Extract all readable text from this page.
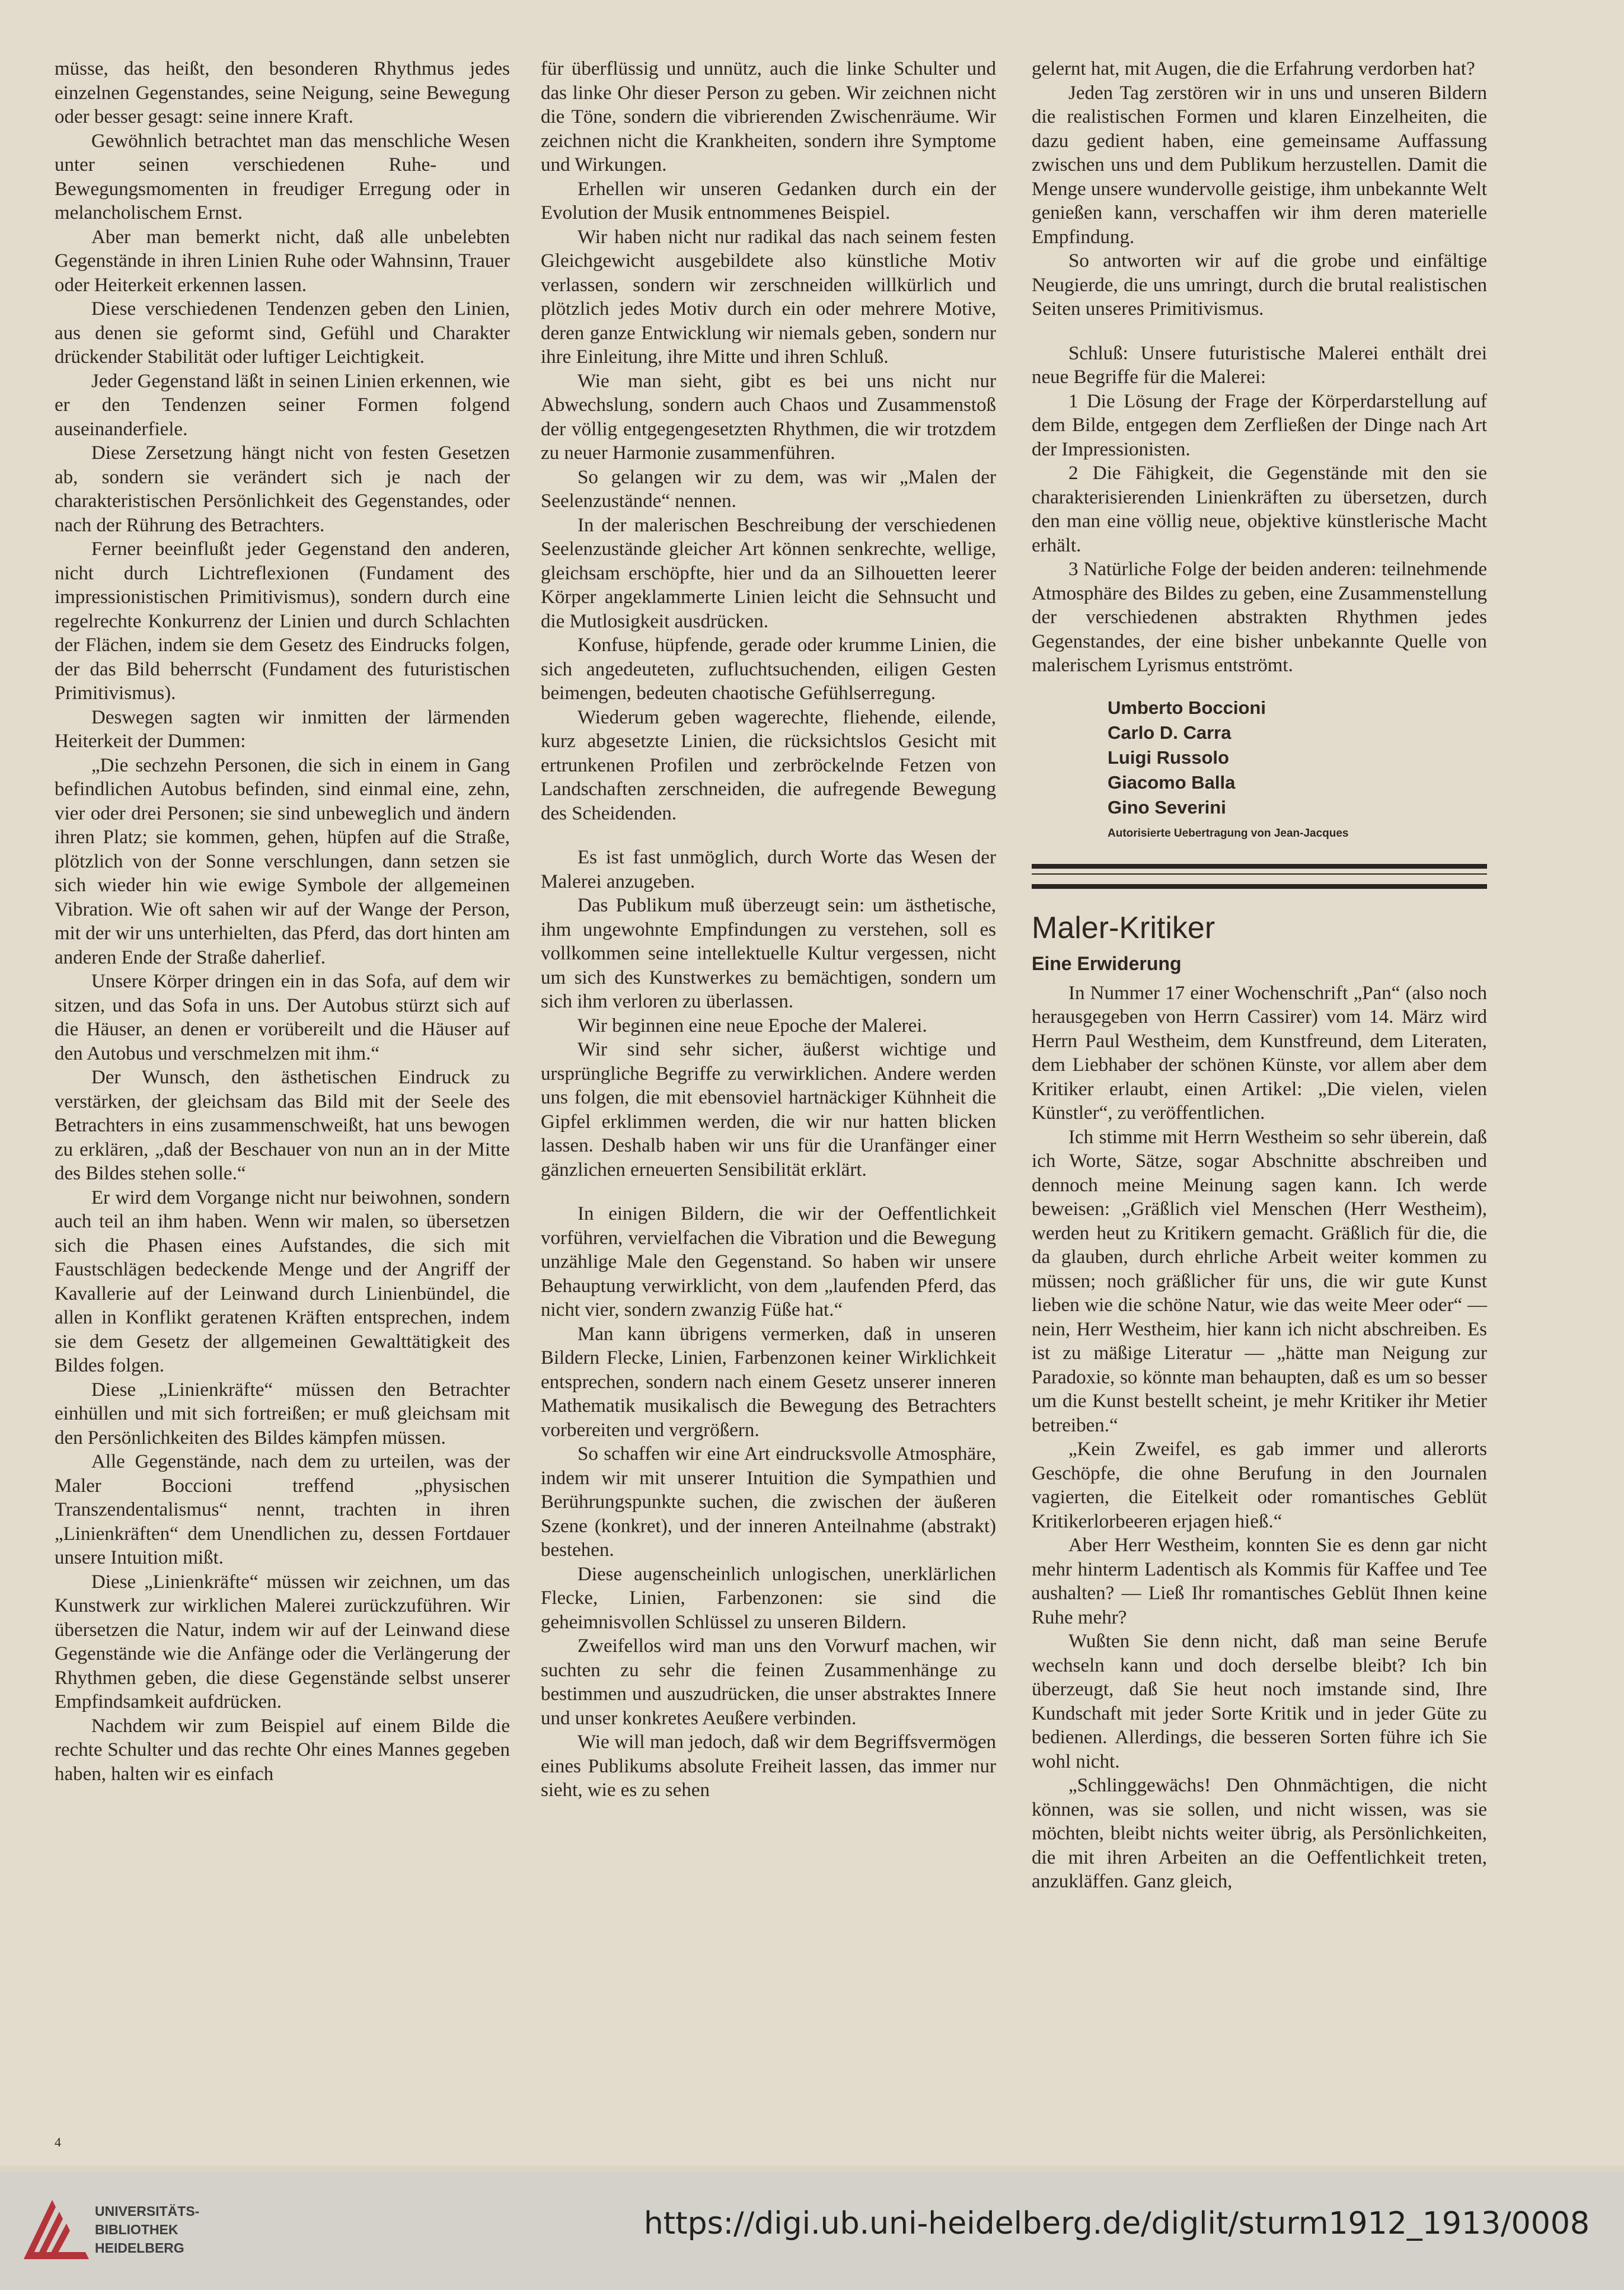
müsse, das heißt, den besonderen Rhythmus jedes einzelnen Gegenstandes, seine Neigung, seine Bewegung oder besser gesagt: seine innere Kraft.

Gewöhnlich betrachtet man das menschliche Wesen unter seinen verschiedenen Ruhe- und Bewegungsmomenten in freudiger Erregung oder in melancholischem Ernst.

Aber man bemerkt nicht, daß alle unbelebten Gegenstände in ihren Linien Ruhe oder Wahnsinn, Trauer oder Heiterkeit erkennen lassen.

Diese verschiedenen Tendenzen geben den Linien, aus denen sie geformt sind, Gefühl und Charakter drückender Stabilität oder luftiger Leichtigkeit.

Jeder Gegenstand läßt in seinen Linien erkennen, wie er den Tendenzen seiner Formen folgend auseinanderfiele.

Diese Zersetzung hängt nicht von festen Gesetzen ab, sondern sie verändert sich je nach der charakteristischen Persönlichkeit des Gegenstandes, oder nach der Rührung des Betrachters.

Ferner beeinflußt jeder Gegenstand den anderen, nicht durch Lichtreflexionen (Fundament des impressionistischen Primitivismus), sondern durch eine regelrechte Konkurrenz der Linien und durch Schlachten der Flächen, indem sie dem Gesetz des Eindrucks folgen, der das Bild beherrscht (Fundament des futuristischen Primitivismus).

Deswegen sagten wir inmitten der lärmenden Heiterkeit der Dummen:

„Die sechzehn Personen, die sich in einem in Gang befindlichen Autobus befinden, sind einmal eine, zehn, vier oder drei Personen; sie sind unbeweglich und ändern ihren Platz; sie kommen, gehen, hüpfen auf die Straße, plötzlich von der Sonne verschlungen, dann setzen sie sich wieder hin wie ewige Symbole der allgemeinen Vibration. Wie oft sahen wir auf der Wange der Person, mit der wir uns unterhielten, das Pferd, das dort hinten am anderen Ende der Straße daherlief.

Unsere Körper dringen ein in das Sofa, auf dem wir sitzen, und das Sofa in uns. Der Autobus stürzt sich auf die Häuser, an denen er vorübereilt und die Häuser auf den Autobus und verschmelzen mit ihm.“

Der Wunsch, den ästhetischen Eindruck zu verstärken, der gleichsam das Bild mit der Seele des Betrachters in eins zusammenschweißt, hat uns bewogen zu erklären, „daß der Beschauer von nun an in der Mitte des Bildes stehen solle.“

Er wird dem Vorgange nicht nur beiwohnen, sondern auch teil an ihm haben. Wenn wir malen, so übersetzen sich die Phasen eines Aufstandes, die sich mit Faustschlägen bedeckende Menge und der Angriff der Kavallerie auf der Leinwand durch Linienbündel, die allen in Konflikt geratenen Kräften entsprechen, indem sie dem Gesetz der allgemeinen Gewalttätigkeit des Bildes folgen.

Diese „Linienkräfte“ müssen den Betrachter einhüllen und mit sich fortreißen; er muß gleichsam mit den Persönlichkeiten des Bildes kämpfen müssen.

Alle Gegenstände, nach dem zu urteilen, was der Maler Boccioni treffend „physischen Transzendentalismus“ nennt, trachten in ihren „Linienkräften“ dem Unendlichen zu, dessen Fortdauer unsere Intuition mißt.

Diese „Linienkräfte“ müssen wir zeichnen, um das Kunstwerk zur wirklichen Malerei zurückzuführen. Wir übersetzen die Natur, indem wir auf der Leinwand diese Gegenstände wie die Anfänge oder die Verlängerung der Rhythmen geben, die diese Gegenstände selbst unserer Empfindsamkeit aufdrücken.

Nachdem wir zum Beispiel auf einem Bilde die rechte Schulter und das rechte Ohr eines Mannes gegeben haben, halten wir es einfach

für überflüssig und unnütz, auch die linke Schulter und das linke Ohr dieser Person zu geben. Wir zeichnen nicht die Töne, sondern die vibrierenden Zwischenräume. Wir zeichnen nicht die Krankheiten, sondern ihre Symptome und Wirkungen.

Erhellen wir unseren Gedanken durch ein der Evolution der Musik entnommenes Beispiel.

Wir haben nicht nur radikal das nach seinem festen Gleichgewicht ausgebildete also künstliche Motiv verlassen, sondern wir zerschneiden willkürlich und plötzlich jedes Motiv durch ein oder mehrere Motive, deren ganze Entwicklung wir niemals geben, sondern nur ihre Einleitung, ihre Mitte und ihren Schluß.

Wie man sieht, gibt es bei uns nicht nur Abwechslung, sondern auch Chaos und Zusammenstoß der völlig entgegengesetzten Rhythmen, die wir trotzdem zu neuer Harmonie zusammenführen.

So gelangen wir zu dem, was wir „Malen der Seelenzustände“ nennen.

In der malerischen Beschreibung der verschiedenen Seelenzustände gleicher Art können senkrechte, wellige, gleichsam erschöpfte, hier und da an Silhouetten leerer Körper angeklammerte Linien leicht die Sehnsucht und die Mutlosigkeit ausdrücken.

Konfuse, hüpfende, gerade oder krumme Linien, die sich angedeuteten, zufluchtsuchenden, eiligen Gesten beimengen, bedeuten chaotische Gefühlserregung.

Wiederum geben wagerechte, fliehende, eilende, kurz abgesetzte Linien, die rücksichtslos Gesicht mit ertrunkenen Profilen und zerbröckelnde Fetzen von Landschaften zerschneiden, die aufregende Bewegung des Scheidenden.

Es ist fast unmöglich, durch Worte das Wesen der Malerei anzugeben.

Das Publikum muß überzeugt sein: um ästhetische, ihm ungewohnte Empfindungen zu verstehen, soll es vollkommen seine intellektuelle Kultur vergessen, nicht um sich des Kunstwerkes zu bemächtigen, sondern um sich ihm verloren zu überlassen.

Wir beginnen eine neue Epoche der Malerei.

Wir sind sehr sicher, äußerst wichtige und ursprüngliche Begriffe zu verwirklichen. Andere werden uns folgen, die mit ebensoviel hartnäckiger Kühnheit die Gipfel erklimmen werden, die wir nur hatten blicken lassen. Deshalb haben wir uns für die Uranfänger einer gänzlichen erneuerten Sensibilität erklärt.

In einigen Bildern, die wir der Oeffentlichkeit vorführen, vervielfachen die Vibration und die Bewegung unzählige Male den Gegenstand. So haben wir unsere Behauptung verwirklicht, von dem „laufenden Pferd, das nicht vier, sondern zwanzig Füße hat.“

Man kann übrigens vermerken, daß in unseren Bildern Flecke, Linien, Farbenzonen keiner Wirklichkeit entsprechen, sondern nach einem Gesetz unserer inneren Mathematik musikalisch die Bewegung des Betrachters vorbereiten und vergrößern.

So schaffen wir eine Art eindrucksvolle Atmosphäre, indem wir mit unserer Intuition die Sympathien und Berührungspunkte suchen, die zwischen der äußeren Szene (konkret), und der inneren Anteilnahme (abstrakt) bestehen.

Diese augenscheinlich unlogischen, unerklärlichen Flecke, Linien, Farbenzonen: sie sind die geheimnisvollen Schlüssel zu unseren Bildern.

Zweifellos wird man uns den Vorwurf machen, wir suchten zu sehr die feinen Zusammenhänge zu bestimmen und auszudrücken, die unser abstraktes Innere und unser konkretes Aeußere verbinden.

Wie will man jedoch, daß wir dem Begriffsvermögen eines Publikums absolute Freiheit lassen, das immer nur sieht, wie es zu sehen

gelernt hat, mit Augen, die die Erfahrung verdorben hat?

Jeden Tag zerstören wir in uns und unseren Bildern die realistischen Formen und klaren Einzelheiten, die dazu gedient haben, eine gemeinsame Auffassung zwischen uns und dem Publikum herzustellen. Damit die Menge unsere wundervolle geistige, ihm unbekannte Welt genießen kann, verschaffen wir ihm deren materielle Empfindung.

So antworten wir auf die grobe und einfältige Neugierde, die uns umringt, durch die brutal realistischen Seiten unseres Primitivismus.

Schluß: Unsere futuristische Malerei enthält drei neue Begriffe für die Malerei:

1 Die Lösung der Frage der Körperdarstellung auf dem Bilde, entgegen dem Zerfließen der Dinge nach Art der Impressionisten.

2 Die Fähigkeit, die Gegenstände mit den sie charakterisierenden Linienkräften zu übersetzen, durch den man eine völlig neue, objektive künstlerische Macht erhält.

3 Natürliche Folge der beiden anderen: teilnehmende Atmosphäre des Bildes zu geben, eine Zusammenstellung der verschiedenen abstrakten Rhythmen jedes Gegenstandes, der eine bisher unbekannte Quelle von malerischem Lyrismus entströmt.

Umberto Boccioni
Carlo D. Carra
Luigi Russolo
Giacomo Balla
Gino Severini
Autorisierte Uebertragung von Jean-Jacques
Maler-Kritiker
Eine Erwiderung

In Nummer 17 einer Wochenschrift „Pan“ (also noch herausgegeben von Herrn Cassirer) vom 14. März wird Herrn Paul Westheim, dem Kunstfreund, dem Literaten, dem Liebhaber der schönen Künste, vor allem aber dem Kritiker erlaubt, einen Artikel: „Die vielen, vielen Künstler“, zu veröffentlichen.

Ich stimme mit Herrn Westheim so sehr überein, daß ich Worte, Sätze, sogar Abschnitte abschreiben und dennoch meine Meinung sagen kann. Ich werde beweisen: „Gräßlich viel Menschen (Herr Westheim), werden heut zu Kritikern gemacht. Gräßlich für die, die da glauben, durch ehrliche Arbeit weiter kommen zu müssen; noch gräßlicher für uns, die wir gute Kunst lieben wie die schöne Natur, wie das weite Meer oder“ — nein, Herr Westheim, hier kann ich nicht abschreiben. Es ist zu mäßige Literatur — „hätte man Neigung zur Paradoxie, so könnte man behaupten, daß es um so besser um die Kunst bestellt scheint, je mehr Kritiker ihr Metier betreiben.“

„Kein Zweifel, es gab immer und allerorts Geschöpfe, die ohne Berufung in den Journalen vagierten, die Eitelkeit oder romantisches Geblüt Kritikerlorbeeren erjagen hieß.“

Aber Herr Westheim, konnten Sie es denn gar nicht mehr hinterm Ladentisch als Kommis für Kaffee und Tee aushalten? — Ließ Ihr romantisches Geblüt Ihnen keine Ruhe mehr?

Wußten Sie denn nicht, daß man seine Berufe wechseln kann und doch derselbe bleibt? Ich bin überzeugt, daß Sie heut noch imstande sind, Ihre Kundschaft mit jeder Sorte Kritik und in jeder Güte zu bedienen. Allerdings, die besseren Sorten führe ich Sie wohl nicht.

„Schlinggewächs! Den Ohnmächtigen, die nicht können, was sie sollen, und nicht wissen, was sie möchten, bleibt nichts weiter übrig, als Persönlichkeiten, die mit ihren Arbeiten an die Oeffentlichkeit treten, anzukläffen. Ganz gleich,

4
UNIVERSITÄTS-
BIBLIOTHEK
HEIDELBERG
https://digi.ub.uni-heidelberg.de/diglit/sturm1912_1913/0008
